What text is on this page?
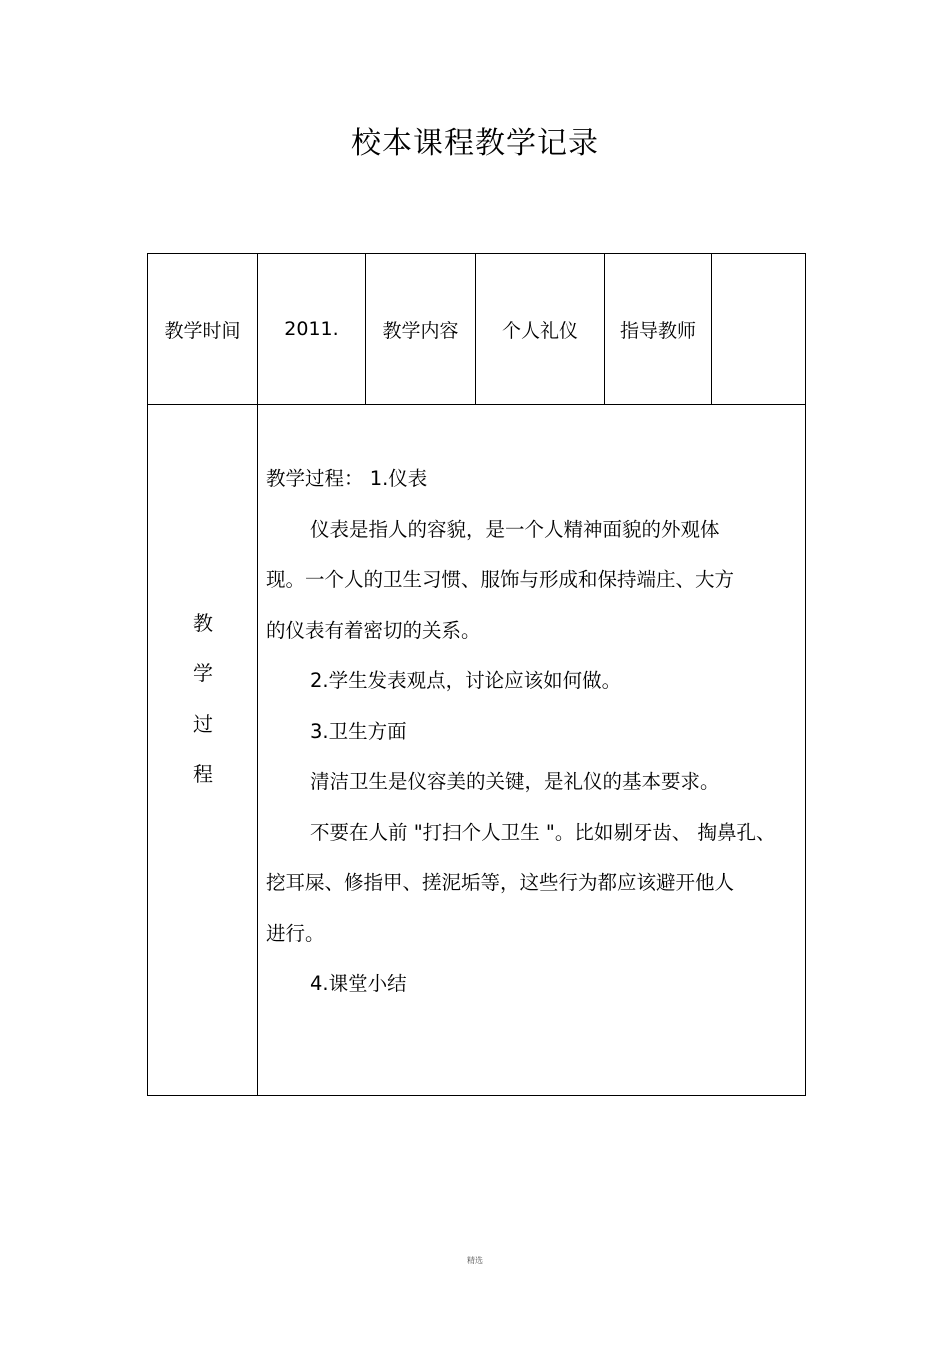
校本课程教学记录
教学时间	2011.	教学内容	个人礼仪	指导教师
教
学
过
程

教学过程： 1.仪表

仪表是指人的容貌，是一个人精神面貌的外观体

现。一个人的卫生习惯、服饰与形成和保持端庄、大方

的仪表有着密切的关系。

2.学生发表观点，讨论应该如何做。

3.卫生方面

清洁卫生是仪容美的关键，是礼仪的基本要求。

不要在人前 "打扫个人卫生 "。比如剔牙齿、 掏鼻孔、

挖耳屎、修指甲、搓泥垢等，这些行为都应该避开他人

进行。

4.课堂小结

精选
